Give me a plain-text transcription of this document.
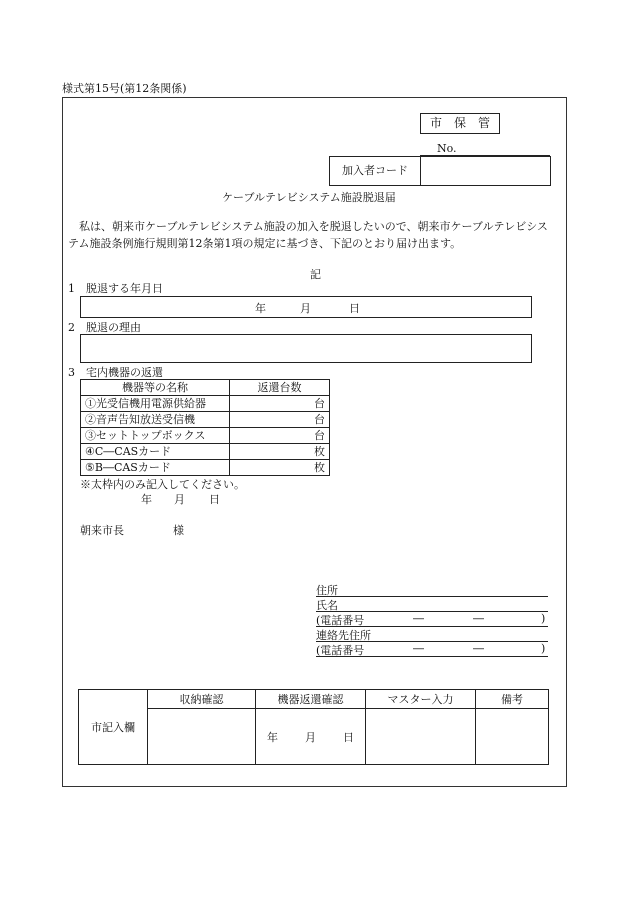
様式第15号(第12条関係)
市　保　管
No.
加入者コード
ケーブルテレビシステム施設脱退届
私は、朝来市ケーブルテレビシステム施設の加入を脱退したいので、朝来市ケーブルテレビシステム施設条例施行規則第12条第1項の規定に基づき、下記のとおり届け出ます。
記
1　脱退する年月日
年	月	日
2　脱退の理由
3　宅内機器の返還
機器等の名称	返還台数
①光受信機用電源供給器	台
②音声告知放送受信機	台
③セットトップボックス	台
④C―CASカード	枚
⑤B―CASカード	枚
※太枠内のみ記入してください。
年 月 日
朝来市長	様
住所
氏名
(電話番号	―	―	)
連絡先住所
(電話番号	―	―	)
市記入欄	収納確認	機器返還確認	マスター入力	備考
		年 月 日		
